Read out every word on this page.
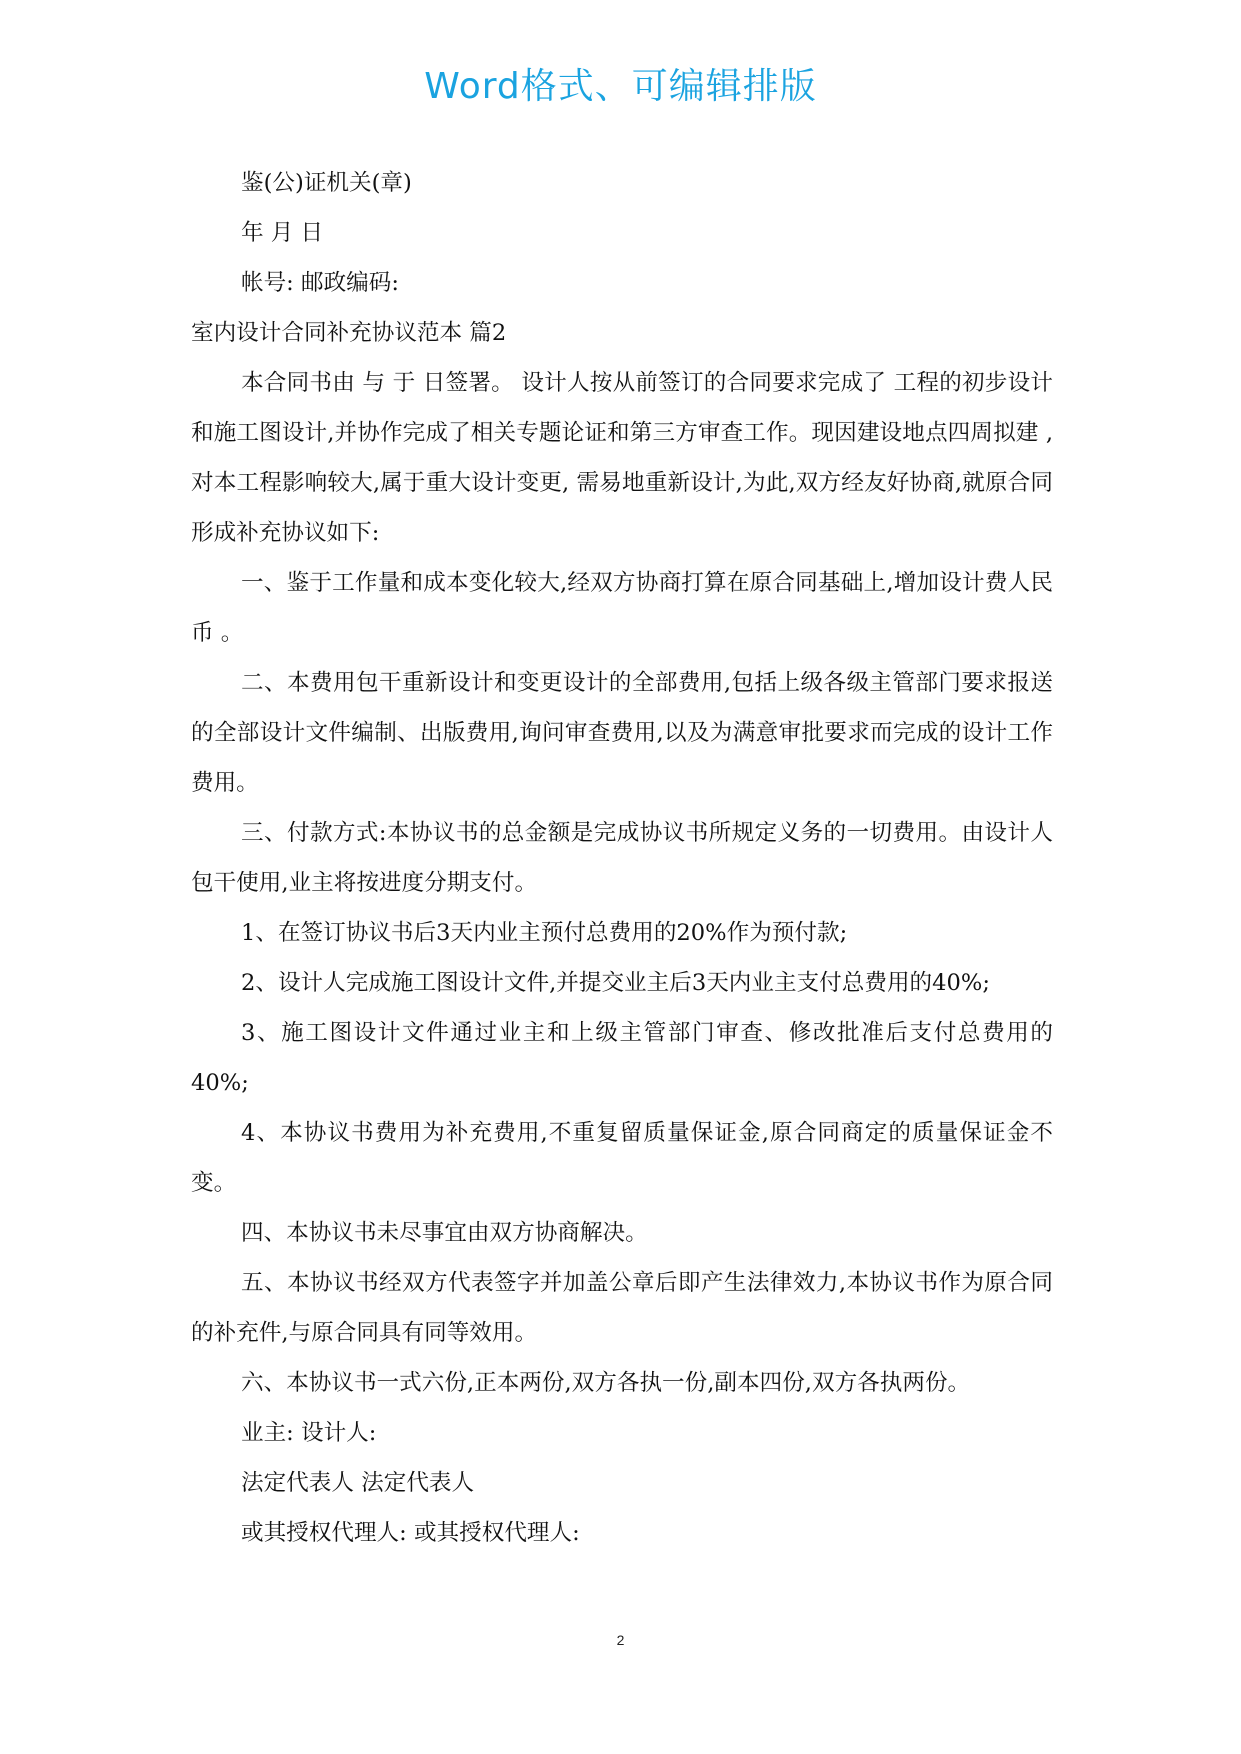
Word格式、可编辑排版
鉴(公)证机关(章)
年 月 日
帐号: 邮政编码:
室内设计合同补充协议范本 篇2

本合同书由 与 于 日签署。 设计人按从前签订的合同要求完成了 工程的初步设计和施工图设计,并协作完成了相关专题论证和第三方审查工作。现因建设地点四周拟建 ,对本工程影响较大,属于重大设计变更, 需易地重新设计,为此,双方经友好协商,就原合同形成补充协议如下:

一、鉴于工作量和成本变化较大,经双方协商打算在原合同基础上,增加设计费人民币 。

二、本费用包干重新设计和变更设计的全部费用,包括上级各级主管部门要求报送的全部设计文件编制、出版费用,询问审查费用,以及为满意审批要求而完成的设计工作费用。

三、付款方式:本协议书的总金额是完成协议书所规定义务的一切费用。由设计人包干使用,业主将按进度分期支付。

1、在签订协议书后3天内业主预付总费用的20%作为预付款;

2、设计人完成施工图设计文件,并提交业主后3天内业主支付总费用的40%;

3、施工图设计文件通过业主和上级主管部门审查、修改批准后支付总费用的40%;

4、本协议书费用为补充费用,不重复留质量保证金,原合同商定的质量保证金不变。

四、本协议书未尽事宜由双方协商解决。

五、本协议书经双方代表签字并加盖公章后即产生法律效力,本协议书作为原合同的补充件,与原合同具有同等效用。

六、本协议书一式六份,正本两份,双方各执一份,副本四份,双方各执两份。

业主: 设计人:
法定代表人 法定代表人
或其授权代理人: 或其授权代理人:
2
